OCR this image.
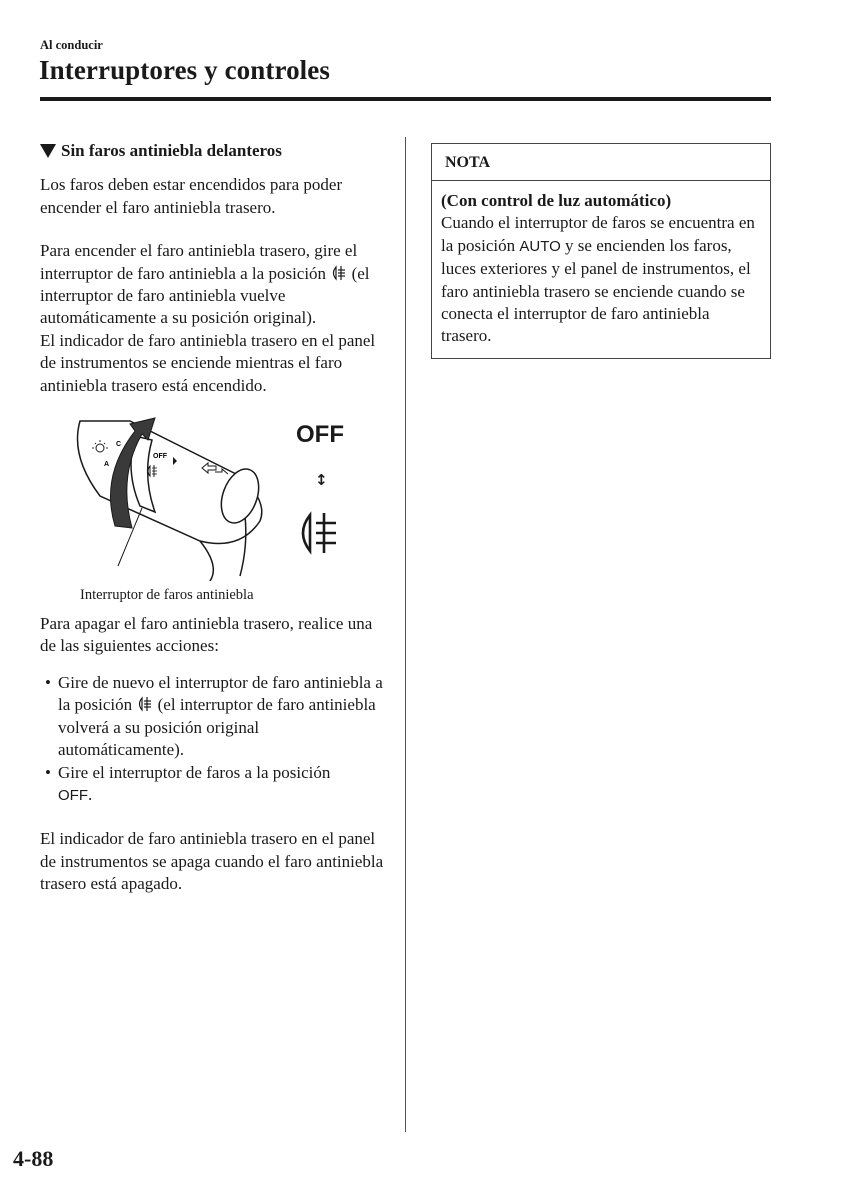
Al conducir
Interruptores y controles

Sin faros antiniebla delanteros

Los faros deben estar encendidos para poder encender el faro antiniebla trasero.

Para encender el faro antiniebla trasero, gire el interruptor de faro antiniebla a la posición (el interruptor de faro antiniebla vuelve automáticamente a su posición original).

El indicador de faro antiniebla trasero en el panel de instrumentos se enciende mientras el faro antiniebla trasero está encendido.

OFF
A
C	OFF
↕
Interruptor de faros antiniebla

Para apagar el faro antiniebla trasero, realice una de las siguientes acciones:

• Gire de nuevo el interruptor de faro antiniebla a la posición (el interruptor de faro antiniebla volverá a su posición original automáticamente).
• Gire el interruptor de faros a la posición
OFF.

El indicador de faro antiniebla trasero en el panel de instrumentos se apaga cuando el faro antiniebla trasero está apagado.

NOTA

(Con control de luz automático)

Cuando el interruptor de faros se encuentra en la posición AUTO y se encienden los faros, luces exteriores y el panel de instrumentos, el faro antiniebla trasero se enciende cuando se conecta el interruptor de faro antiniebla trasero.

4-88
